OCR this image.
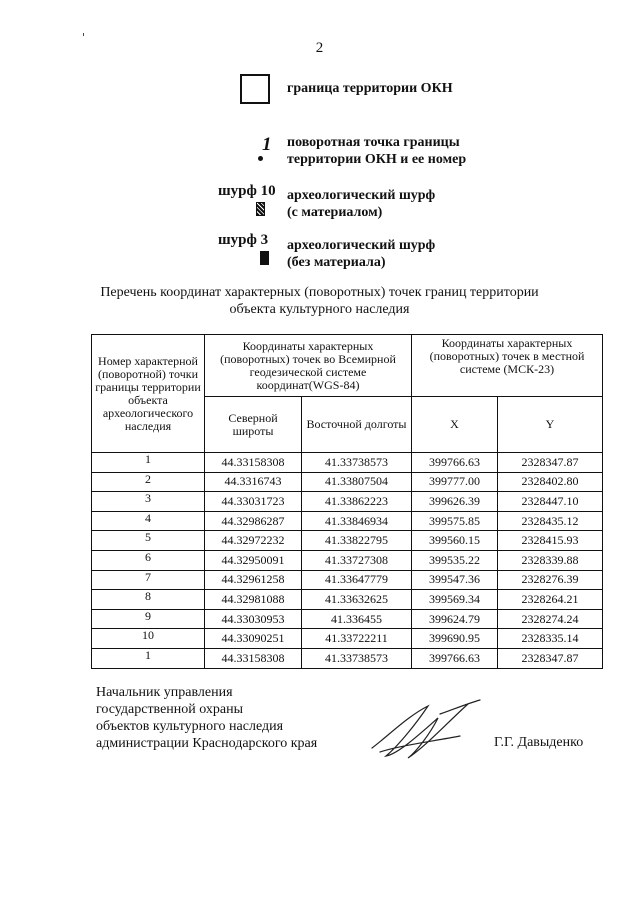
2
граница территории ОКН
1 поворотная точка границы
территории ОКН и ее номер
шурф 10 археологический шурф
(с материалом)
шурф 3 археологический шурф
(без материала)
Перечень координат характерных (поворотных) точек границ территории
объекта культурного наследия
Номер характерной (поворотной) точки границы территории объекта археологического наследия	Координаты характерных (поворотных) точек во Всемирной геодезической системе координат(WGS-84)		Координаты характерных (поворотных) точек в местной системе (МСК-23)	
	Северной широты	Восточной долготы	X	Y
1	44.33158308	41.33738573	399766.63	2328347.87
2	44.3316743	41.33807504	399777.00	2328402.80
3	44.33031723	41.33862223	399626.39	2328447.10
4	44.32986287	41.33846934	399575.85	2328435.12
5	44.32972232	41.33822795	399560.15	2328415.93
6	44.32950091	41.33727308	399535.22	2328339.88
7	44.32961258	41.33647779	399547.36	2328276.39
8	44.32981088	41.33632625	399569.34	2328264.21
9	44.33030953	41.336455	399624.79	2328274.24
10	44.33090251	41.33722211	399690.95	2328335.14
1	44.33158308	41.33738573	399766.63	2328347.87
Начальник управления
государственной охраны
объектов культурного наследия
администрации Краснодарского края	Г.Г. Давыденко
